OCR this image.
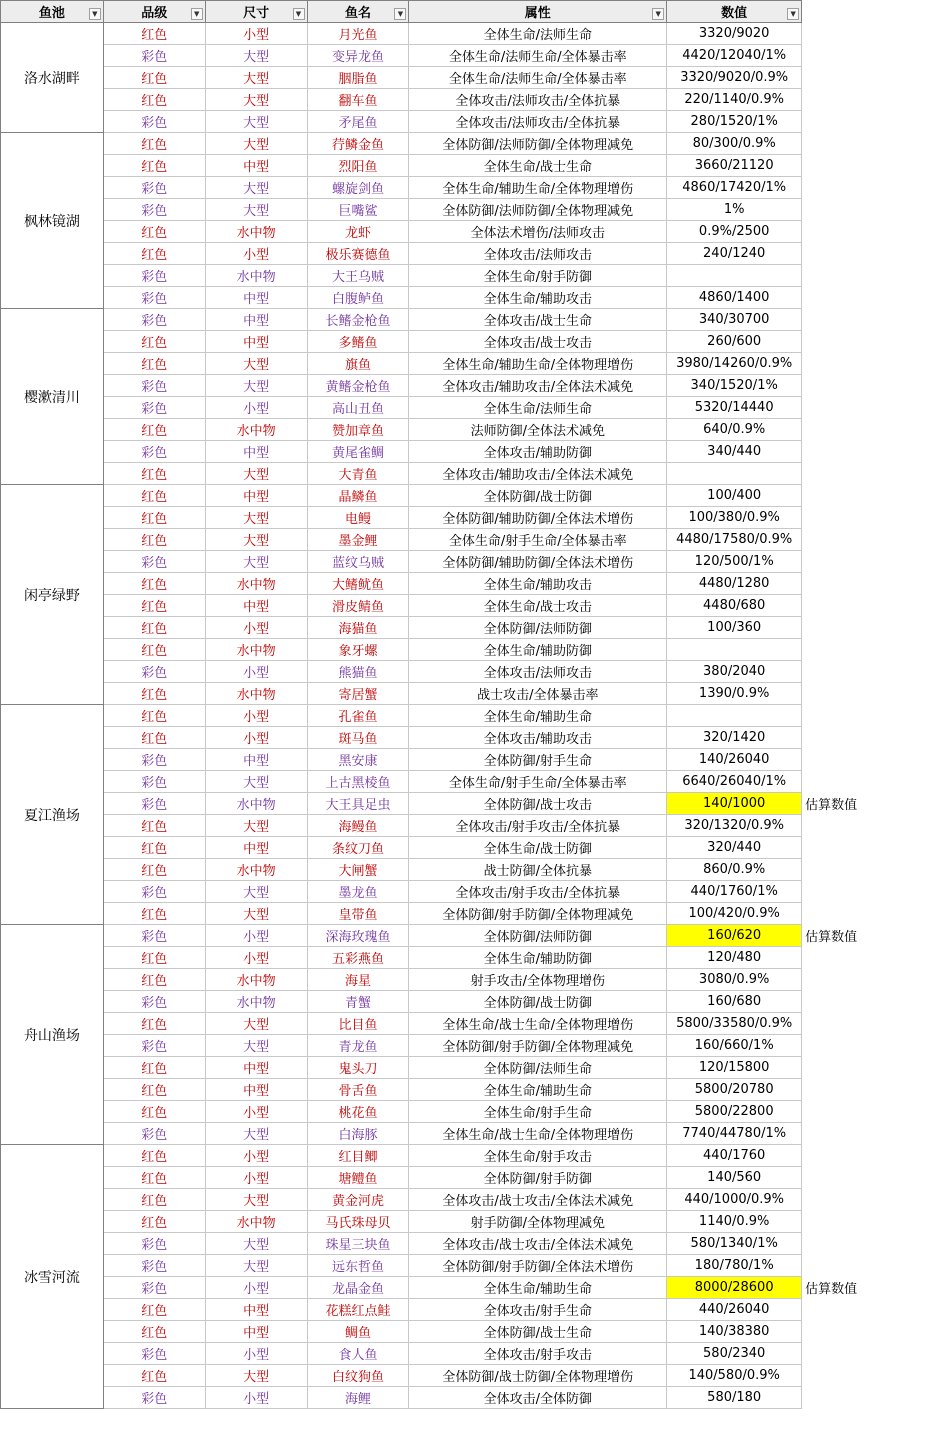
鱼池 ▼	品级 ▼	尺寸 ▼	鱼名 ▼	属性 ▼	数值 ▼	

洛水湖畔	红色	小型	月光鱼	全体生命/法师生命	3320/9020	
	彩色	大型	变异龙鱼	全体生命/法师生命/全体暴击率	4420/12040/1%	
	红色	大型	胭脂鱼	全体生命/法师生命/全体暴击率	3320/9020/0.9%	
	红色	大型	翻车鱼	全体攻击/法师攻击/全体抗暴	220/1140/0.9%	
	彩色	大型	矛尾鱼	全体攻击/法师攻击/全体抗暴	280/1520/1%	
枫林镜湖	红色	大型	荇鳞金鱼	全体防御/法师防御/全体物理减免	80/300/0.9%	
	红色	中型	烈阳鱼	全体生命/战士生命	3660/21120	
	彩色	大型	螺旋剑鱼	全体生命/辅助生命/全体物理增伤	4860/17420/1%	
	彩色	大型	巨嘴鲨	全体防御/法师防御/全体物理减免	1%	
	红色	水中物	龙虾	全体法术增伤/法师攻击	0.9%/2500	
	红色	小型	极乐赛德鱼	全体攻击/法师攻击	240/1240	
	彩色	水中物	大王乌贼	全体生命/射手防御		
	彩色	中型	白腹鲈鱼	全体生命/辅助攻击	4860/1400	
樱漱清川	彩色	中型	长鳍金枪鱼	全体攻击/战士生命	340/30700	
	红色	中型	多鳍鱼	全体攻击/战士攻击	260/600	
	红色	大型	旗鱼	全体生命/辅助生命/全体物理增伤	3980/14260/0.9%	
	彩色	大型	黄鳍金枪鱼	全体攻击/辅助攻击/全体法术减免	340/1520/1%	
	彩色	小型	高山丑鱼	全体生命/法师生命	5320/14440	
	红色	水中物	赞加章鱼	法师防御/全体法术减免	640/0.9%	
	彩色	中型	黄尾雀鲷	全体攻击/辅助防御	340/440	
	红色	大型	大青鱼	全体攻击/辅助攻击/全体法术减免		
闲亭绿野	红色	中型	晶鳞鱼	全体防御/战士防御	100/400	
	红色	大型	电鳗	全体防御/辅助防御/全体法术增伤	100/380/0.9%	
	红色	大型	墨金鲤	全体生命/射手生命/全体暴击率	4480/17580/0.9%	
	彩色	大型	蓝纹乌贼	全体防御/辅助防御/全体法术增伤	120/500/1%	
	红色	水中物	大鳍鱿鱼	全体生命/辅助攻击	4480/1280	
	红色	中型	滑皮鲭鱼	全体生命/战士攻击	4480/680	
	红色	小型	海猫鱼	全体防御/法师防御	100/360	
	红色	水中物	象牙螺	全体生命/辅助防御		
	彩色	小型	熊猫鱼	全体攻击/法师攻击	380/2040	
	红色	水中物	寄居蟹	战士攻击/全体暴击率	1390/0.9%	
夏江渔场	红色	小型	孔雀鱼	全体生命/辅助生命		
	红色	小型	斑马鱼	全体攻击/辅助攻击	320/1420	
	彩色	中型	黑安康	全体防御/射手生命	140/26040	
	彩色	大型	上古黑棱鱼	全体生命/射手生命/全体暴击率	6640/26040/1%	
	彩色	水中物	大王具足虫	全体防御/战士攻击	140/1000	估算数值
	红色	大型	海鳗鱼	全体攻击/射手攻击/全体抗暴	320/1320/0.9%	
	红色	中型	条纹刀鱼	全体生命/战士防御	320/440	
	红色	水中物	大闸蟹	战士防御/全体抗暴	860/0.9%	
	彩色	大型	墨龙鱼	全体攻击/射手攻击/全体抗暴	440/1760/1%	
	红色	大型	皇带鱼	全体防御/射手防御/全体物理减免	100/420/0.9%	
舟山渔场	彩色	小型	深海玫瑰鱼	全体防御/法师防御	160/620	估算数值
	红色	小型	五彩燕鱼	全体生命/辅助防御	120/480	
	红色	水中物	海星	射手攻击/全体物理增伤	3080/0.9%	
	彩色	水中物	青蟹	全体防御/战士防御	160/680	
	红色	大型	比目鱼	全体生命/战士生命/全体物理增伤	5800/33580/0.9%	
	彩色	大型	青龙鱼	全体防御/射手防御/全体物理减免	160/660/1%	
	红色	中型	鬼头刀	全体防御/法师生命	120/15800	
	红色	中型	骨舌鱼	全体生命/辅助生命	5800/20780	
	红色	小型	桃花鱼	全体生命/射手生命	5800/22800	
	彩色	大型	白海豚	全体生命/战士生命/全体物理增伤	7740/44780/1%	
冰雪河流	红色	小型	红目鲫	全体生命/射手攻击	440/1760	
	红色	小型	塘鳢鱼	全体防御/射手防御	140/560	
	红色	大型	黄金河虎	全体攻击/战士攻击/全体法术减免	440/1000/0.9%	
	红色	水中物	马氏珠母贝	射手防御/全体物理减免	1140/0.9%	
	彩色	大型	珠星三块鱼	全体攻击/战士攻击/全体法术减免	580/1340/1%	
	彩色	大型	远东哲鱼	全体防御/射手防御/全体法术增伤	180/780/1%	
	彩色	小型	龙晶金鱼	全体生命/辅助生命	8000/28600	估算数值
	红色	中型	花糕红点鲑	全体攻击/射手生命	440/26040	
	红色	中型	鲷鱼	全体防御/战士生命	140/38380	
	彩色	小型	食人鱼	全体攻击/射手攻击	580/2340	
	红色	大型	白纹狗鱼	全体防御/战士防御/全体物理增伤	140/580/0.9%	
	彩色	小型	海鲤	全体攻击/全体防御	580/180	
